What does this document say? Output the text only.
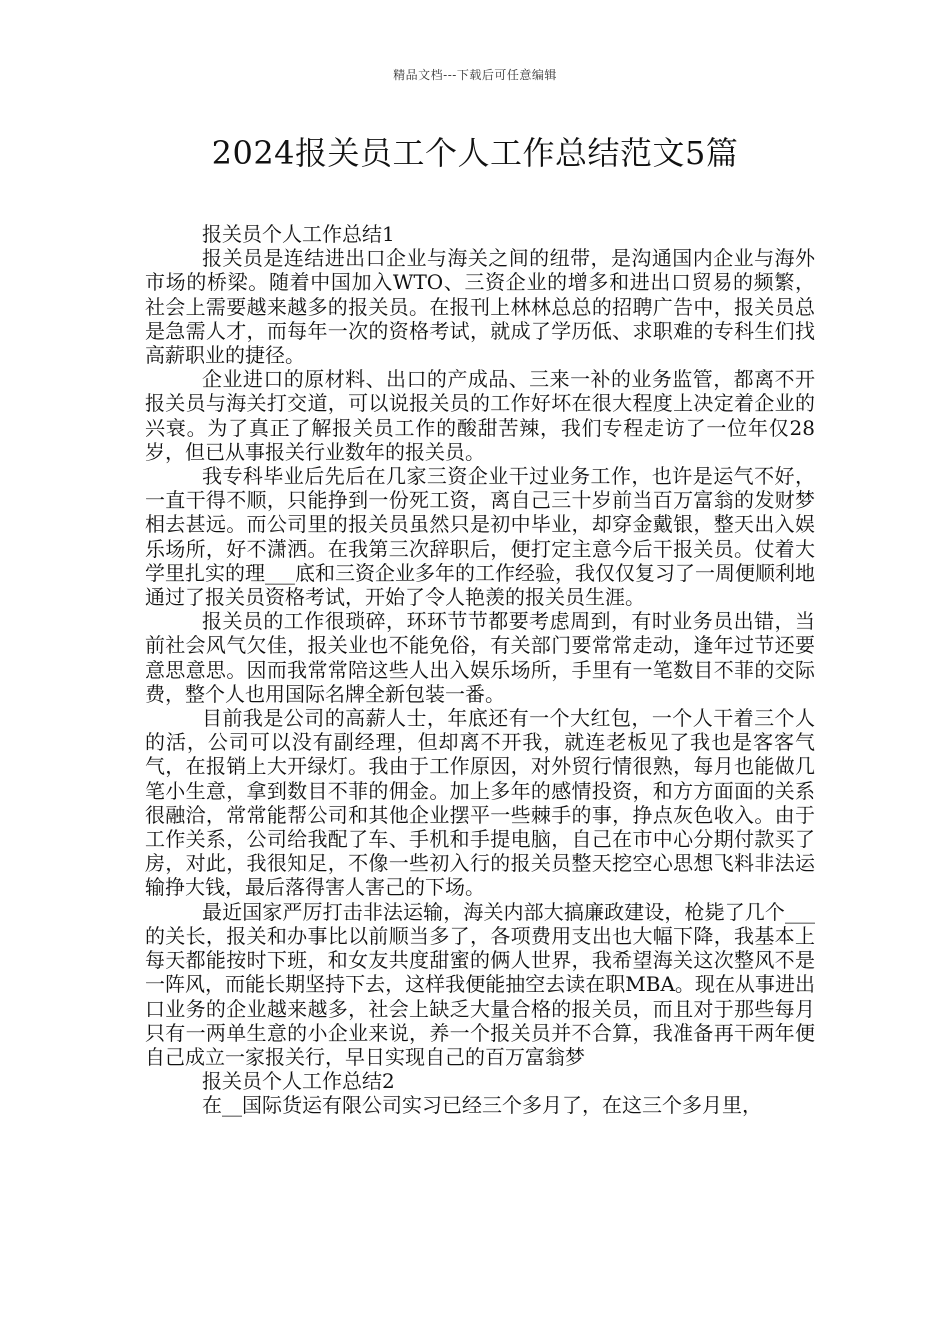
精品文档---下载后可任意编辑
2024报关员工个人工作总结范文5篇

报关员个人工作总结1

报关员是连结进出口企业与海关之间的纽带，是沟通国内企业与海外市场的桥梁。随着中国加入WTO、三资企业的增多和进出口贸易的频繁，社会上需要越来越多的报关员。在报刊上林林总总的招聘广告中，报关员总是急需人才，而每年一次的资格考试，就成了学历低、求职难的专科生们找高薪职业的捷径。

企业进口的原材料、出口的产成品、三来一补的业务监管，都离不开报关员与海关打交道，可以说报关员的工作好坏在很大程度上决定着企业的兴衰。为了真正了解报关员工作的酸甜苦辣，我们专程走访了一位年仅28岁，但已从事报关行业数年的报关员。

我专科毕业后先后在几家三资企业干过业务工作，也许是运气不好，一直干得不顺，只能挣到一份死工资，离自己三十岁前当百万富翁的发财梦相去甚远。而公司里的报关员虽然只是初中毕业，却穿金戴银，整天出入娱乐场所，好不潇洒。在我第三次辞职后，便打定主意今后干报关员。仗着大学里扎实的理___底和三资企业多年的工作经验，我仅仅复习了一周便顺利地通过了报关员资格考试，开始了令人艳羡的报关员生涯。

报关员的工作很琐碎，环环节节都要考虑周到，有时业务员出错，当前社会风气欠佳，报关业也不能免俗，有关部门要常常走动，逢年过节还要意思意思。因而我常常陪这些人出入娱乐场所，手里有一笔数目不菲的交际费，整个人也用国际名牌全新包装一番。

目前我是公司的高薪人士，年底还有一个大红包，一个人干着三个人的活，公司可以没有副经理，但却离不开我，就连老板见了我也是客客气气，在报销上大开绿灯。我由于工作原因，对外贸行情很熟，每月也能做几笔小生意，拿到数目不菲的佣金。加上多年的感情投资，和方方面面的关系很融洽，常常能帮公司和其他企业摆平一些棘手的事，挣点灰色收入。由于工作关系，公司给我配了车、手机和手提电脑，自己在市中心分期付款买了房，对此，我很知足，不像一些初入行的报关员整天挖空心思想飞料非法运输挣大钱，最后落得害人害己的下场。

最近国家严厉打击非法运输，海关内部大搞廉政建设，枪毙了几个___的关长，报关和办事比以前顺当多了，各项费用支出也大幅下降，我基本上每天都能按时下班，和女友共度甜蜜的俩人世界，我希望海关这次整风不是一阵风，而能长期坚持下去，这样我便能抽空去读在职MBA。现在从事进出口业务的企业越来越多，社会上缺乏大量合格的报关员，而且对于那些每月只有一两单生意的小企业来说，养一个报关员并不合算，我准备再干两年便自己成立一家报关行，早日实现自己的百万富翁梦

报关员个人工作总结2

在__国际货运有限公司实习已经三个多月了，在这三个多月里，
